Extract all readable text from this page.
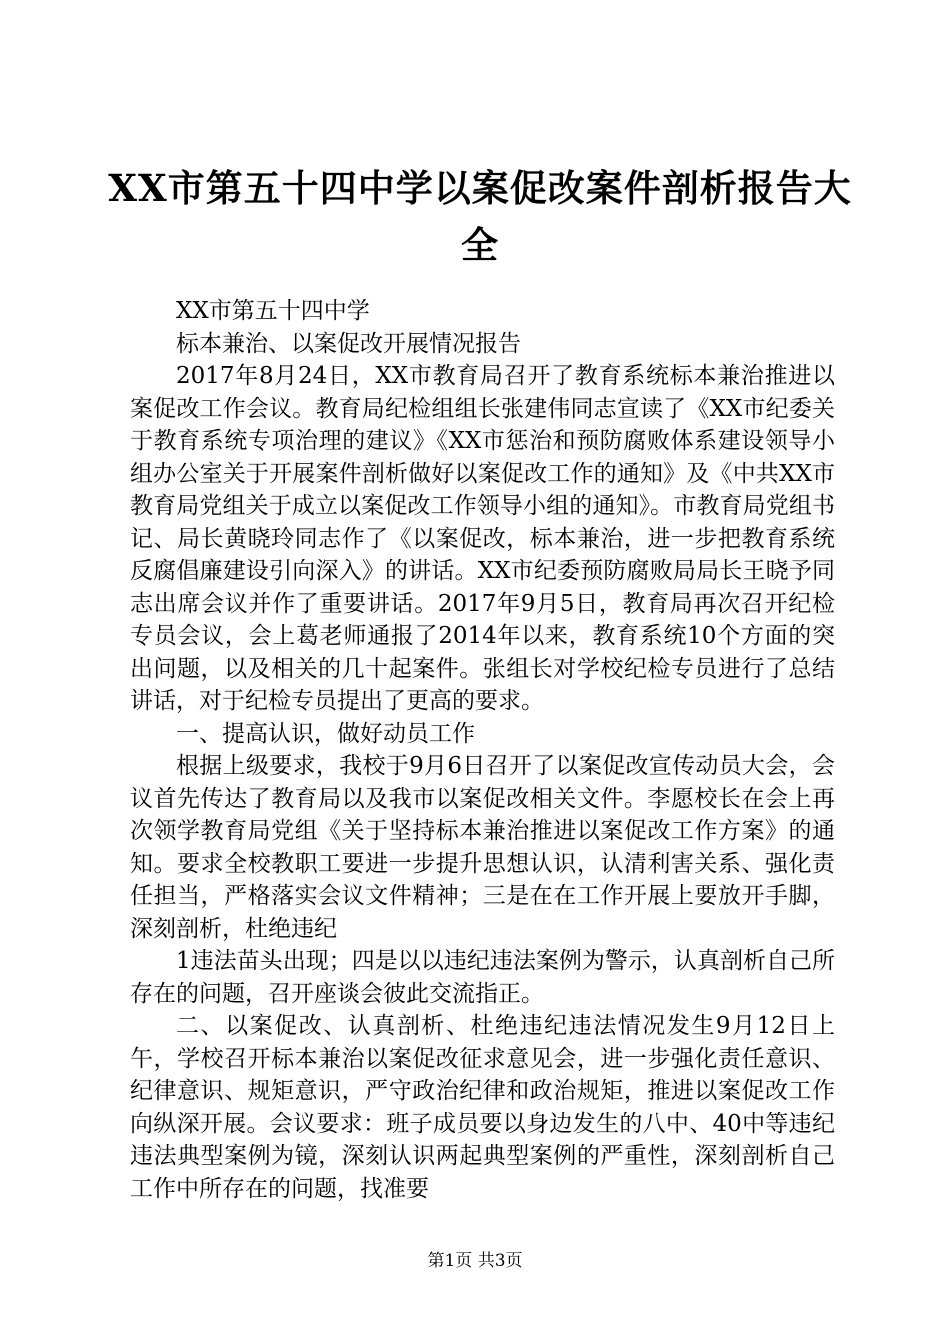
XX市第五十四中学以案促改案件剖析报告大全

XX市第五十四中学

标本兼治、以案促改开展情况报告

2017年8月24日，XX市教育局召开了教育系统标本兼治推进以案促改工作会议。教育局纪检组组长张建伟同志宣读了《XX市纪委关于教育系统专项治理的建议》《XX市惩治和预防腐败体系建设领导小组办公室关于开展案件剖析做好以案促改工作的通知》及《中共XX市教育局党组关于成立以案促改工作领导小组的通知》。市教育局党组书记、局长黄晓玲同志作了《以案促改，标本兼治，进一步把教育系统反腐倡廉建设引向深入》的讲话。XX市纪委预防腐败局局长王晓予同志出席会议并作了重要讲话。2017年9月5日，教育局再次召开纪检专员会议，会上葛老师通报了2014年以来，教育系统10个方面的突出问题，以及相关的几十起案件。张组长对学校纪检专员进行了总结讲话，对于纪检专员提出了更高的要求。

一、提高认识，做好动员工作

根据上级要求，我校于9月6日召开了以案促改宣传动员大会，会议首先传达了教育局以及我市以案促改相关文件。李愿校长在会上再次领学教育局党组《关于坚持标本兼治推进以案促改工作方案》的通知。要求全校教职工要进一步提升思想认识，认清利害关系、强化责任担当，严格落实会议文件精神；三是在在工作开展上要放开手脚，深刻剖析，杜绝违纪

1违法苗头出现；四是以以违纪违法案例为警示，认真剖析自己所存在的问题，召开座谈会彼此交流指正。

二、以案促改、认真剖析、杜绝违纪违法情况发生9月12日上午，学校召开标本兼治以案促改征求意见会，进一步强化责任意识、纪律意识、规矩意识，严守政治纪律和政治规矩，推进以案促改工作向纵深开展。会议要求：班子成员要以身边发生的八中、40中等违纪违法典型案例为镜，深刻认识两起典型案例的严重性，深刻剖析自己工作中所存在的问题，找准要

第1页 共3页
